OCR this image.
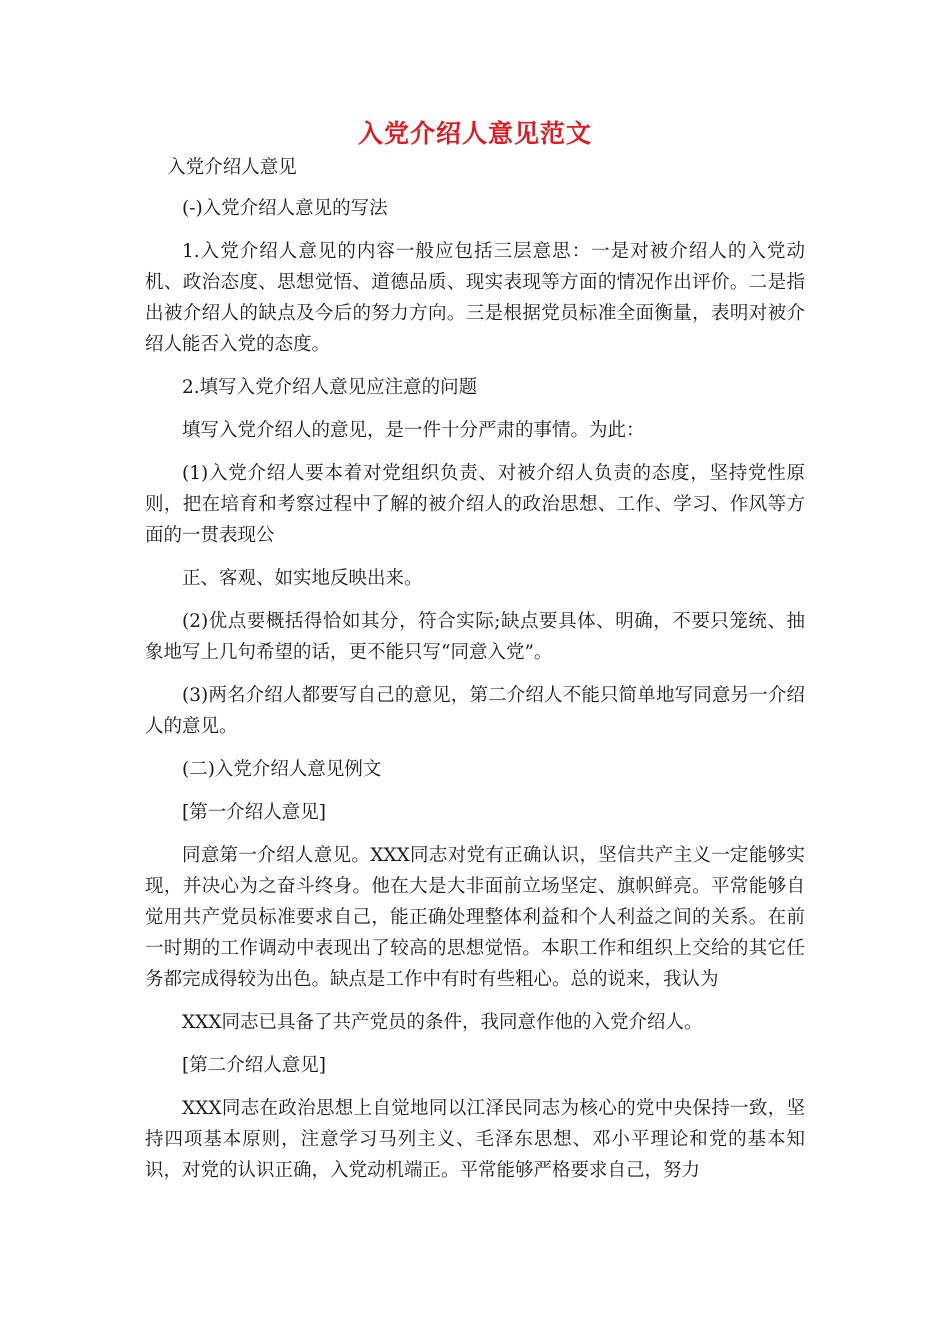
入党介绍人意见范文

入党介绍人意见

(-)入党介绍人意见的写法

1.入党介绍人意见的内容一般应包括三层意思：一是对被介绍人的入党动机、政治态度、思想觉悟、道德品质、现实表现等方面的情况作出评价。二是指出被介绍人的缺点及今后的努力方向。三是根据党员标准全面衡量，表明对被介绍人能否入党的态度。

2.填写入党介绍人意见应注意的问题

填写入党介绍人的意见，是一件十分严肃的事情。为此：

(1)入党介绍人要本着对党组织负责、对被介绍人负责的态度，坚持党性原则，把在培育和考察过程中了解的被介绍人的政治思想、工作、学习、作风等方面的一贯表现公

正、客观、如实地反映出来。

(2)优点要概括得恰如其分，符合实际;缺点要具体、明确，不要只笼统、抽象地写上几句希望的话，更不能只写“同意入党”。

(3)两名介绍人都要写自己的意见，第二介绍人不能只简单地写同意另一介绍人的意见。

(二)入党介绍人意见例文

[第一介绍人意见]

同意第一介绍人意见。XXX同志对党有正确认识，坚信共产主义一定能够实现，并决心为之奋斗终身。他在大是大非面前立场坚定、旗帜鲜亮。平常能够自觉用共产党员标准要求自己，能正确处理整体利益和个人利益之间的关系。在前一时期的工作调动中表现出了较高的思想觉悟。本职工作和组织上交给的其它任务都完成得较为出色。缺点是工作中有时有些粗心。总的说来，我认为

XXX同志已具备了共产党员的条件，我同意作他的入党介绍人。

[第二介绍人意见]

XXX同志在政治思想上自觉地同以江泽民同志为核心的党中央保持一致，坚持四项基本原则，注意学习马列主义、毛泽东思想、邓小平理论和党的基本知识，对党的认识正确，入党动机端正。平常能够严格要求自己，努力
